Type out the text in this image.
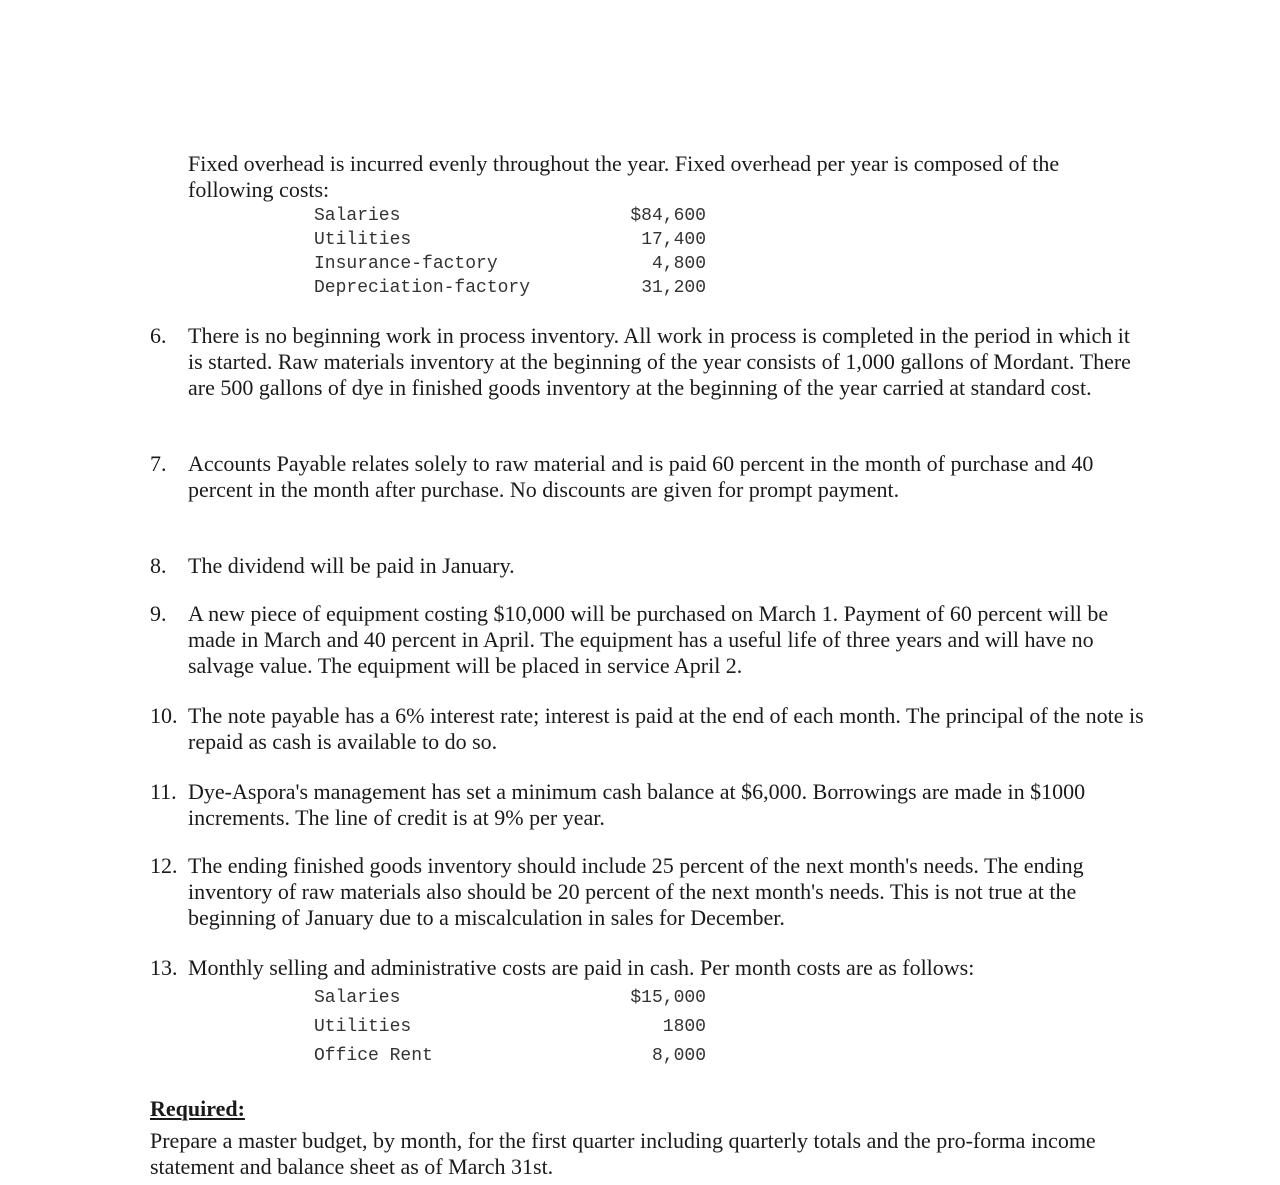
Fixed overhead is incurred evenly throughout the year. Fixed overhead per year is composed of the following costs:

Salaries	$84,600
Utilities	17,400
Insurance-factory	4,800
Depreciation-factory	31,200
6. There is no beginning work in process inventory. All work in process is completed in the period in which it is started. Raw materials inventory at the beginning of the year consists of 1,000 gallons of Mordant. There are 500 gallons of dye in finished goods inventory at the beginning of the year carried at standard cost.
7. Accounts Payable relates solely to raw material and is paid 60 percent in the month of purchase and 40 percent in the month after purchase. No discounts are given for prompt payment.
8. The dividend will be paid in January.
9. A new piece of equipment costing $10,000 will be purchased on March 1. Payment of 60 percent will be made in March and 40 percent in April. The equipment has a useful life of three years and will have no salvage value. The equipment will be placed in service April 2.
10. The note payable has a 6% interest rate; interest is paid at the end of each month. The principal of the note is repaid as cash is available to do so.
11. Dye-Aspora's management has set a minimum cash balance at $6,000. Borrowings are made in $1000 increments. The line of credit is at 9% per year.
12. The ending finished goods inventory should include 25 percent of the next month's needs. The ending inventory of raw materials also should be 20 percent of the next month's needs. This is not true at the beginning of January due to a miscalculation in sales for December.
13. Monthly selling and administrative costs are paid in cash. Per month costs are as follows:
Salaries	$15,000
Utilities	1800
Office Rent	8,000
Required:
Prepare a master budget, by month, for the first quarter including quarterly totals and the pro-forma income statement and balance sheet as of March 31st.
